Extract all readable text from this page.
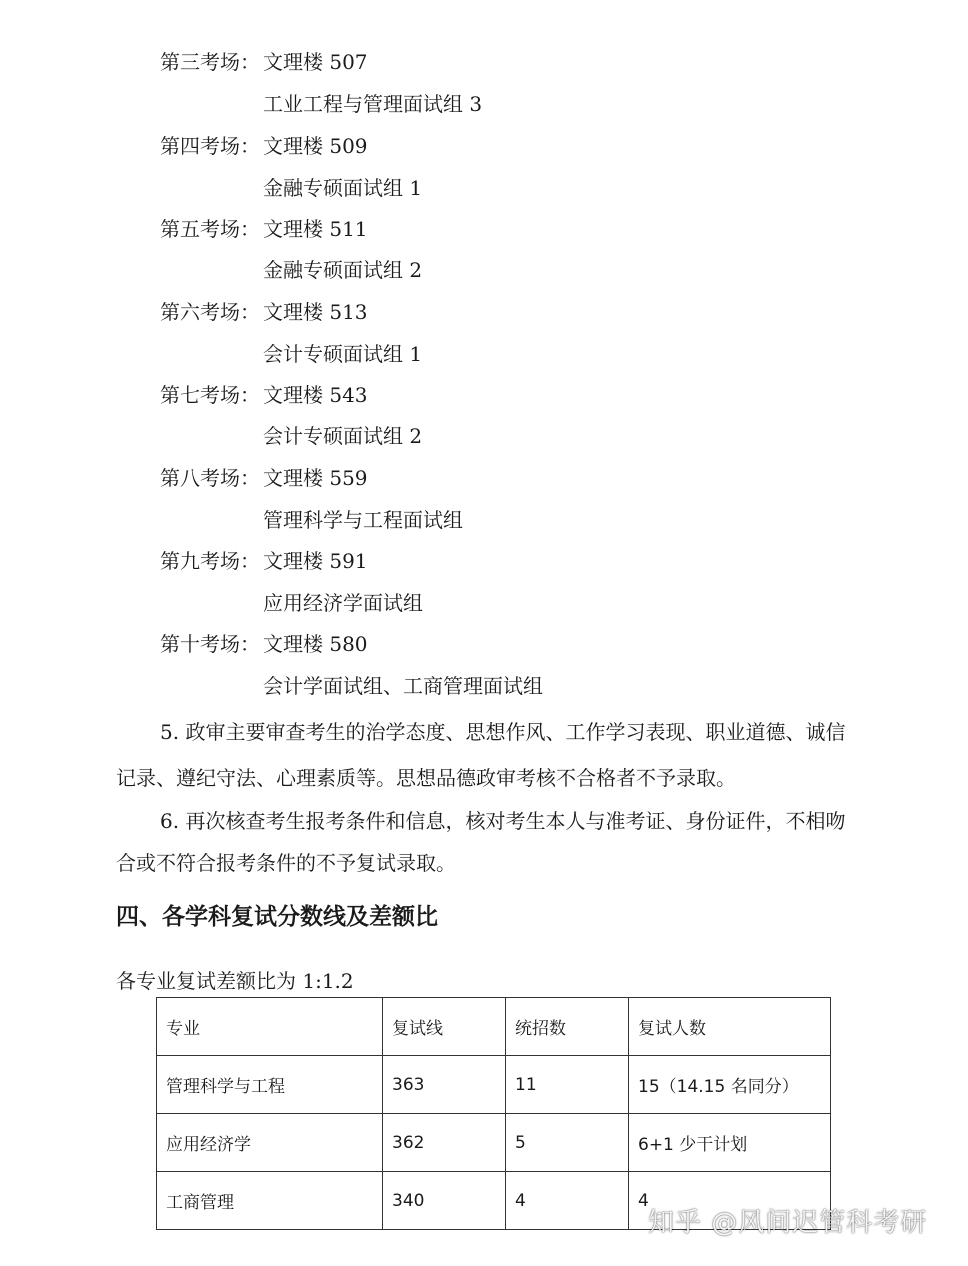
第三考场： 文理楼 507
工业工程与管理面试组 3
第四考场： 文理楼 509
金融专硕面试组 1
第五考场： 文理楼 511
金融专硕面试组 2
第六考场： 文理楼 513
会计专硕面试组 1
第七考场： 文理楼 543
会计专硕面试组 2
第八考场： 文理楼 559
管理科学与工程面试组
第九考场： 文理楼 591
应用经济学面试组
第十考场： 文理楼 580
会计学面试组、工商管理面试组
5. 政审主要审查考生的治学态度、思想作风、工作学习表现、职业道德、诚信
记录、遵纪守法、心理素质等。思想品德政审考核不合格者不予录取。
6. 再次核查考生报考条件和信息，核对考生本人与准考证、身份证件，不相吻
合或不符合报考条件的不予复试录取。
四、各学科复试分数线及差额比
各专业复试差额比为 1:1.2
专业	复试线	统招数	复试人数
管理科学与工程	363	11	15（14.15 名同分）
应用经济学	362	5	6+1 少干计划
工商管理	340	4	4
知乎 @风间迟管科考研
